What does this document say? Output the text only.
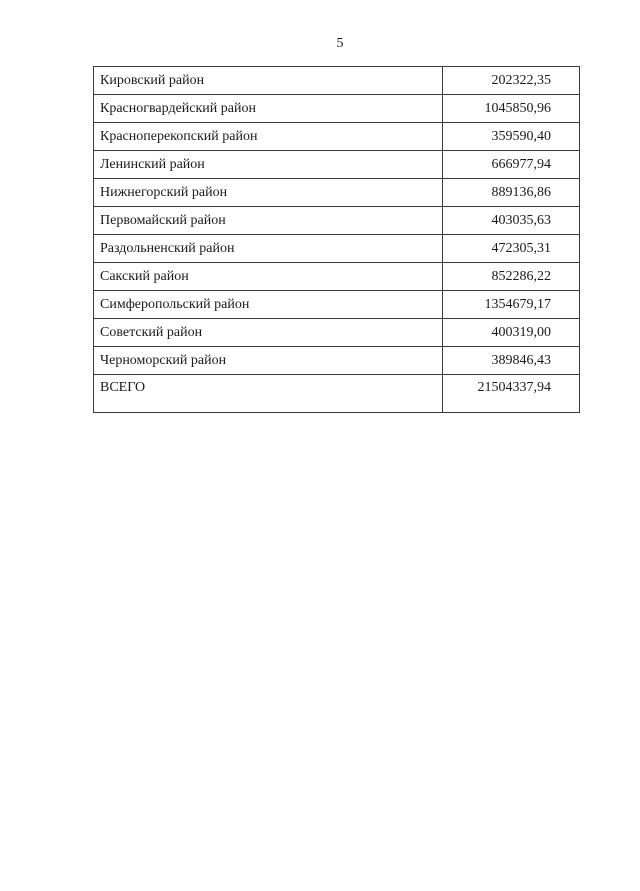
5
Кировский район	202322,35
Красногвардейский район	1045850,96
Красноперекопский район	359590,40
Ленинский район	666977,94
Нижнегорский район	889136,86
Первомайский район	403035,63
Раздольненский район	472305,31
Сакский район	852286,22
Симферопольский район	1354679,17
Советский район	400319,00
Черноморский район	389846,43
ВСЕГО	21504337,94
